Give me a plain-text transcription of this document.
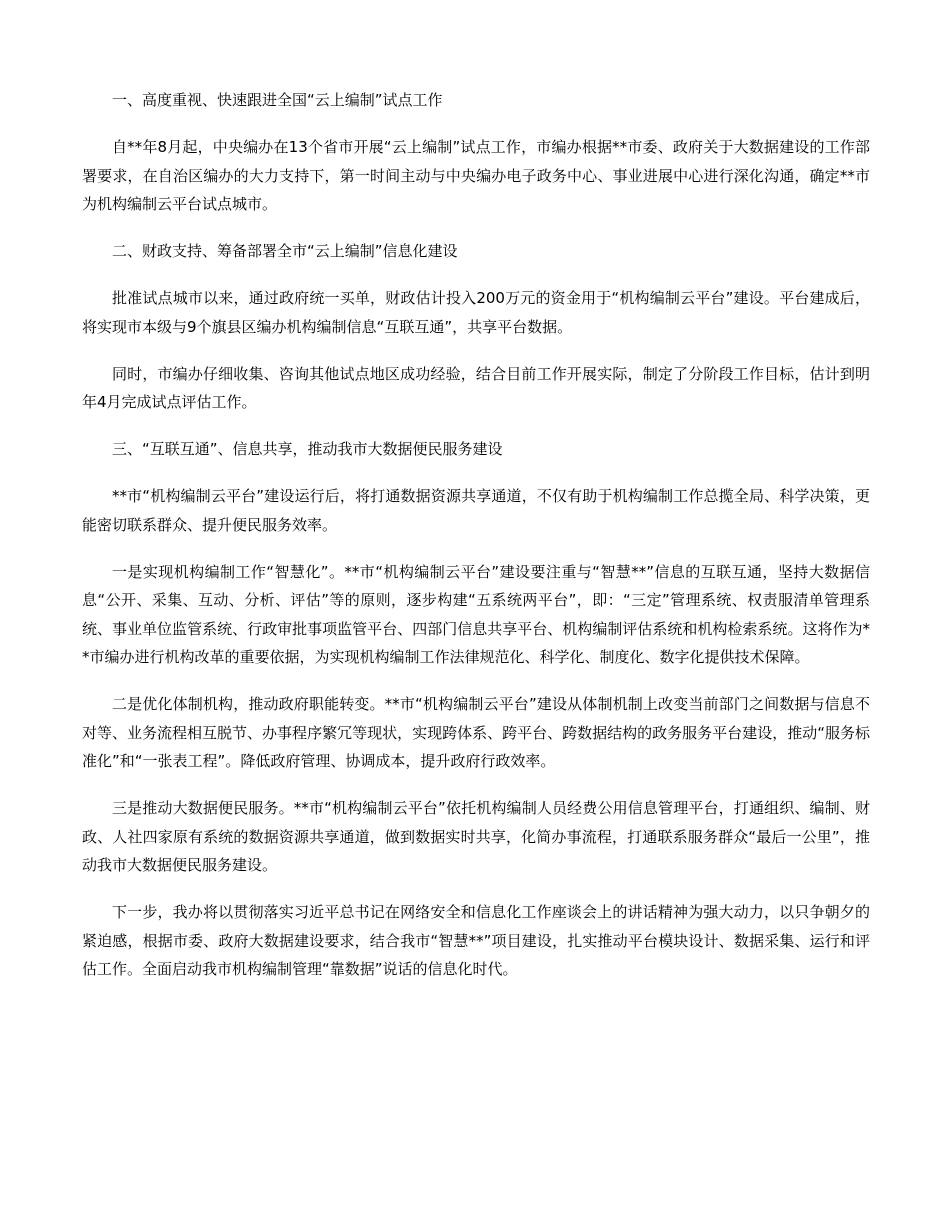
一、高度重视、快速跟进全国“云上编制”试点工作

自**年8月起，中央编办在13个省市开展“云上编制”试点工作，市编办根据**市委、政府关于大数据建设的工作部署要求，在自治区编办的大力支持下，第一时间主动与中央编办电子政务中心、事业进展中心进行深化沟通，确定**市为机构编制云平台试点城市。

二、财政支持、筹备部署全市“云上编制”信息化建设

批准试点城市以来，通过政府统一买单，财政估计投入200万元的资金用于“机构编制云平台”建设。平台建成后，将实现市本级与9个旗县区编办机构编制信息“互联互通”，共享平台数据。

同时，市编办仔细收集、咨询其他试点地区成功经验，结合目前工作开展实际，制定了分阶段工作目标，估计到明年4月完成试点评估工作。

三、“互联互通”、信息共享，推动我市大数据便民服务建设

**市“机构编制云平台”建设运行后，将打通数据资源共享通道，不仅有助于机构编制工作总揽全局、科学决策，更能密切联系群众、提升便民服务效率。

一是实现机构编制工作“智慧化”。**市“机构编制云平台”建设要注重与“智慧**”信息的互联互通，坚持大数据信息“公开、采集、互动、分析、评估”等的原则，逐步构建“五系统两平台”，即：“三定”管理系统、权责服清单管理系统、事业单位监管系统、行政审批事项监管平台、四部门信息共享平台、机构编制评估系统和机构检索系统。这将作为**市编办进行机构改革的重要依据，为实现机构编制工作法律规范化、科学化、制度化、数字化提供技术保障。

二是优化体制机构，推动政府职能转变。**市“机构编制云平台”建设从体制机制上改变当前部门之间数据与信息不对等、业务流程相互脱节、办事程序繁冗等现状，实现跨体系、跨平台、跨数据结构的政务服务平台建设，推动“服务标准化”和“一张表工程”。降低政府管理、协调成本，提升政府行政效率。

三是推动大数据便民服务。**市“机构编制云平台”依托机构编制人员经费公用信息管理平台，打通组织、编制、财政、人社四家原有系统的数据资源共享通道，做到数据实时共享，化简办事流程，打通联系服务群众“最后一公里”，推动我市大数据便民服务建设。

下一步，我办将以贯彻落实习近平总书记在网络安全和信息化工作座谈会上的讲话精神为强大动力，以只争朝夕的紧迫感，根据市委、政府大数据建设要求，结合我市“智慧**”项目建设，扎实推动平台模块设计、数据采集、运行和评估工作。全面启动我市机构编制管理“靠数据”说话的信息化时代。
